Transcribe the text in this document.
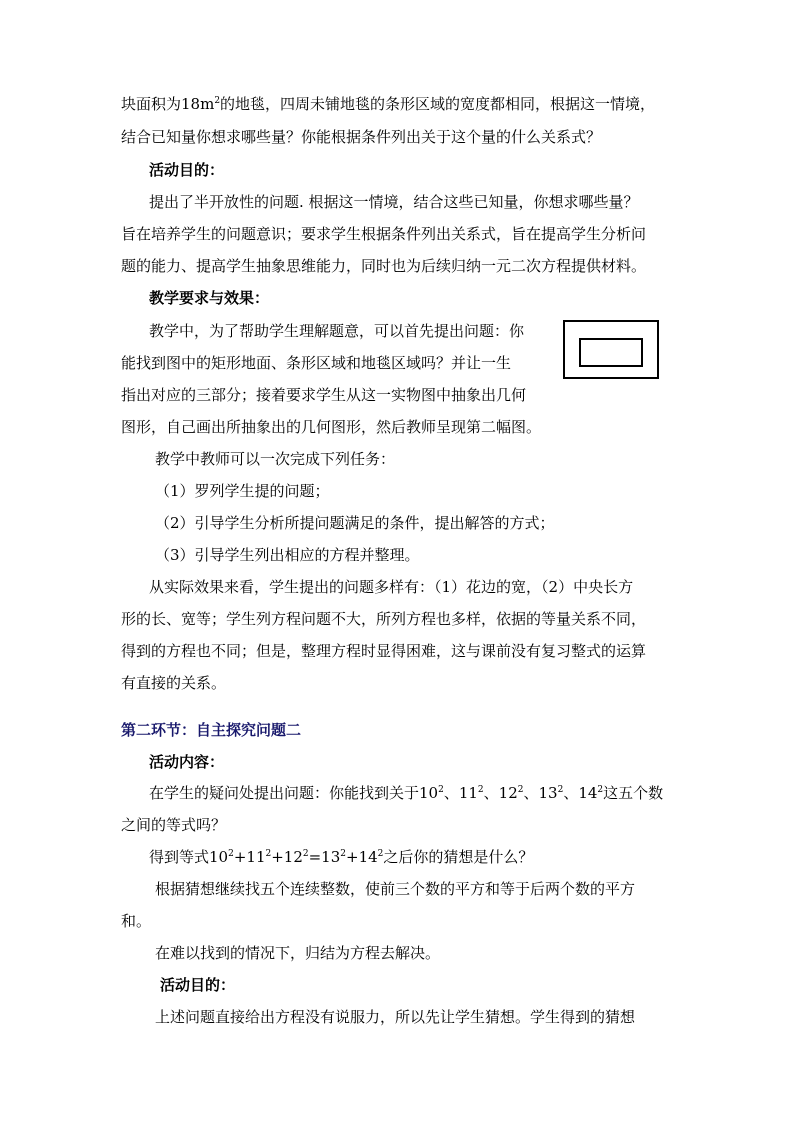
块面积为$18m^2$的地毯，四周未铺地毯的条形区域的宽度都相同，根据这一情境，
结合已知量你想求哪些量？你能根据条件列出关于这个量的什么关系式？
活动目的：
提出了半开放性的问题. 根据这一情境，结合这些已知量，你想求哪些量？
旨在培养学生的问题意识；要求学生根据条件列出关系式，旨在提高学生分析问
题的能力、提高学生抽象思维能力，同时也为后续归纳一元二次方程提供材料。
教学要求与效果：
教学中，为了帮助学生理解题意，可以首先提出问题：你
能找到图中的矩形地面、条形区域和地毯区域吗？并让一生
指出对应的三部分；接着要求学生从这一实物图中抽象出几何
图形，自己画出所抽象出的几何图形，然后教师呈现第二幅图。
教学中教师可以一次完成下列任务：
（1）罗列学生提的问题；
（2）引导学生分析所提问题满足的条件，提出解答的方式；
（3）引导学生列出相应的方程并整理。
从实际效果来看，学生提出的问题多样有：（1）花边的宽，（2）中央长方
形的长、宽等；学生列方程问题不大，所列方程也多样，依据的等量关系不同，
得到的方程也不同；但是，整理方程时显得困难，这与课前没有复习整式的运算
有直接的关系。
第二环节：自主探究问题二
活动内容：
在学生的疑问处提出问题：你能找到关于$10^2$、$11^2$、$12^2$、$13^2$、$14^2$这五个数
之间的等式吗？
得到等式$10^2+11^2+12^2=13^2+14^2$之后你的猜想是什么？
根据猜想继续找五个连续整数，使前三个数的平方和等于后两个数的平方
和。
在难以找到的情况下，归结为方程去解决。
活动目的：
上述问题直接给出方程没有说服力，所以先让学生猜想。学生得到的猜想
